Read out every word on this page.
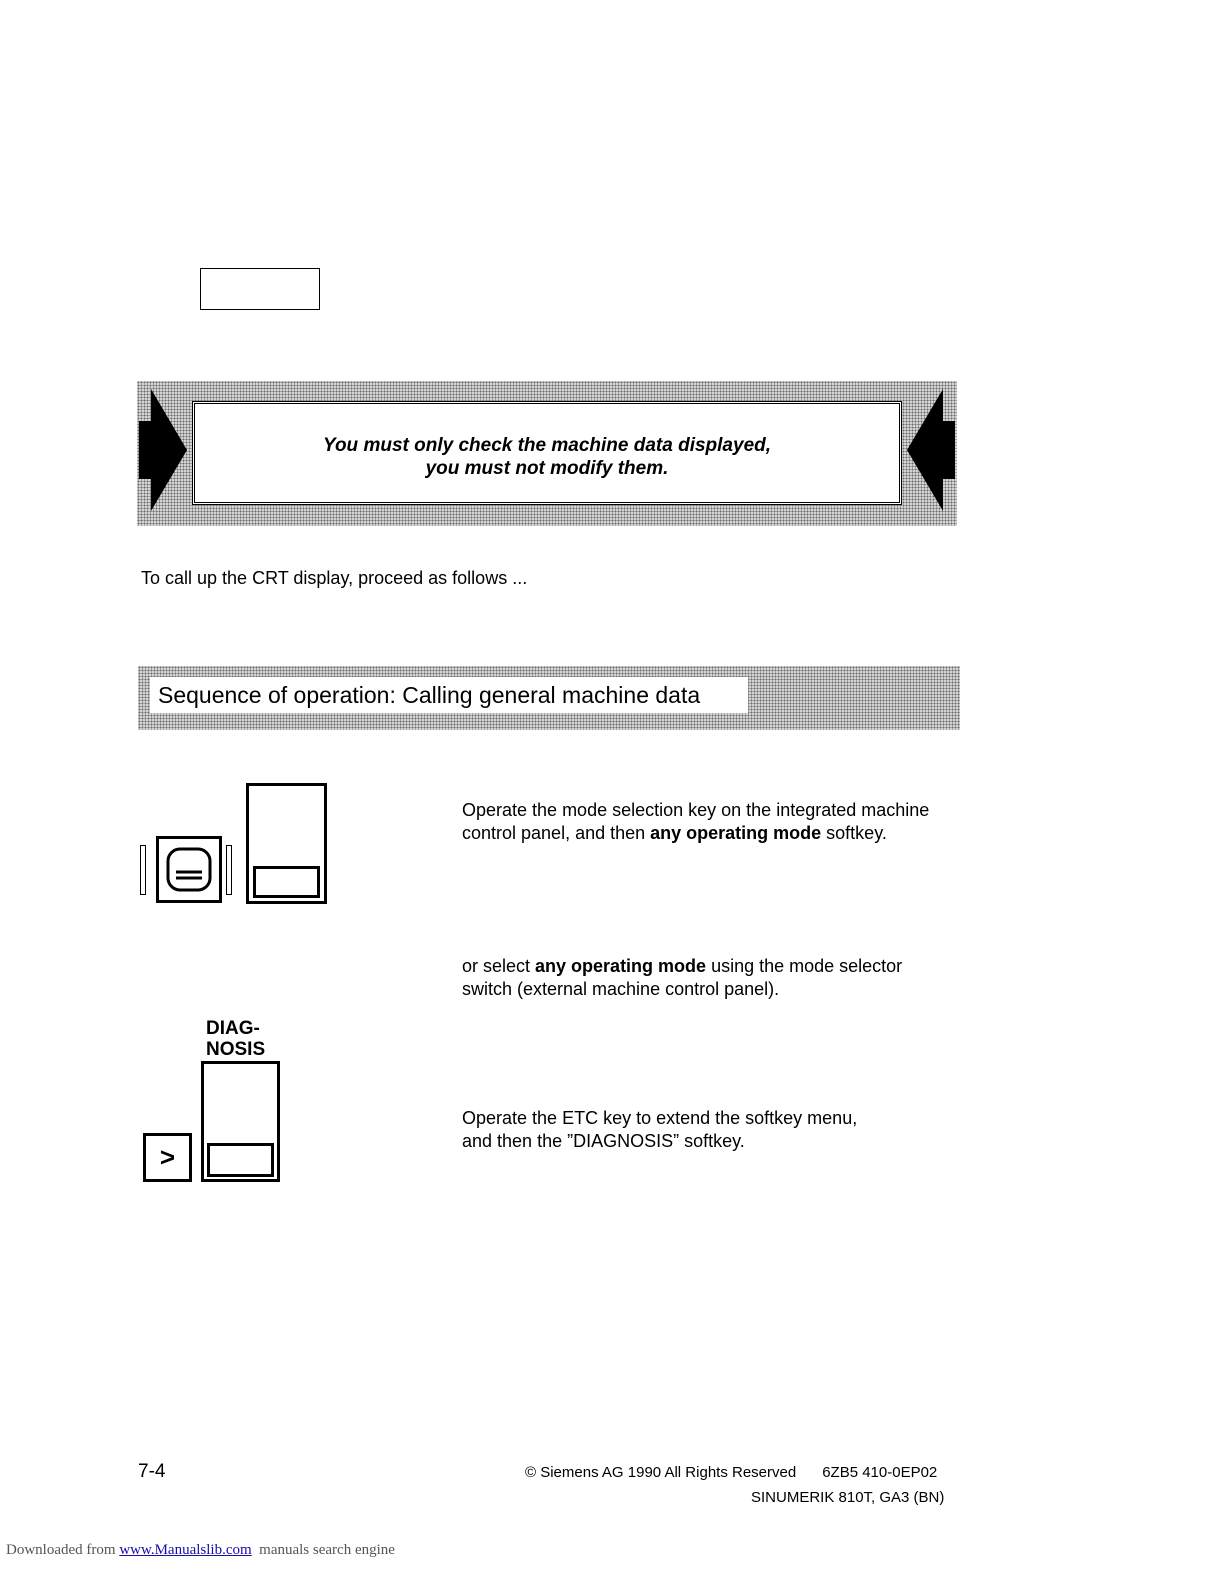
You must only check the machine data displayed,
you must not modify them.
To call up the CRT display, proceed as follows ...
Sequence of operation: Calling general machine data
Operate the mode selection key on the integrated machine
control panel, and then any operating mode softkey.
or select any operating mode using the mode selector
switch (external machine control panel).
DIAG-
NOSIS
>
Operate the ETC key to extend the softkey menu,
and then the ”DIAGNOSIS” softkey.
7-4	© Siemens AG 1990 All Rights Reserved 6ZB5 410-0EP02
SINUMERIK 810T, GA3 (BN)
Downloaded from www.Manualslib.com  manuals search engine
